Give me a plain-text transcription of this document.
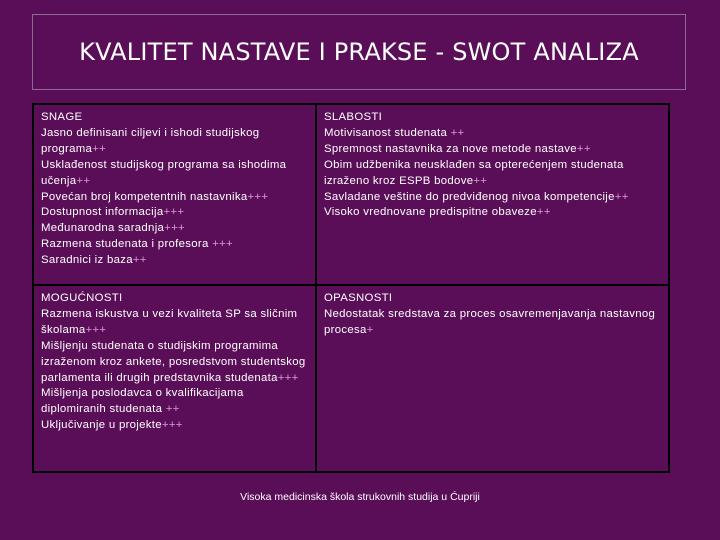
KVALITET NASTAVE I PRAKSE - SWOT ANALIZA
SNAGE
Jasno definisani ciljevi i ishodi studijskog programa++
Usklađenost studijskog programa sa ishodima učenja++
Povećan broj kompetentnih nastavnika+++
Dostupnost informacija+++
Međunarodna saradnja+++
Razmena studenata i profesora +++
Saradnici iz baza++
SLABOSTI
Motivisanost studenata ++
Spremnost nastavnika za nove metode nastave++
Obim udžbenika neusklađen sa opterećenjem studenata izraženo kroz ESPB bodove++
Savladane veštine do predviđenog nivoa kompetencije++
Visoko vrednovane predispitne obaveze++
MOGUĆNOSTI
Razmena iskustva u vezi kvaliteta SP sa sličnim školama+++
Mišljenju studenata o studijskim programima izraženom kroz ankete, posredstvom studentskog parlamenta ili drugih predstavnika studenata+++
Mišljenja poslodavca o kvalifikacijama diplomiranih studenata ++
Uključivanje u projekte+++
OPASNOSTI
Nedostatak sredstava za proces osavremenjavanja nastavnog procesa+
Visoka medicinska škola strukovnih studija u Ćupriji
